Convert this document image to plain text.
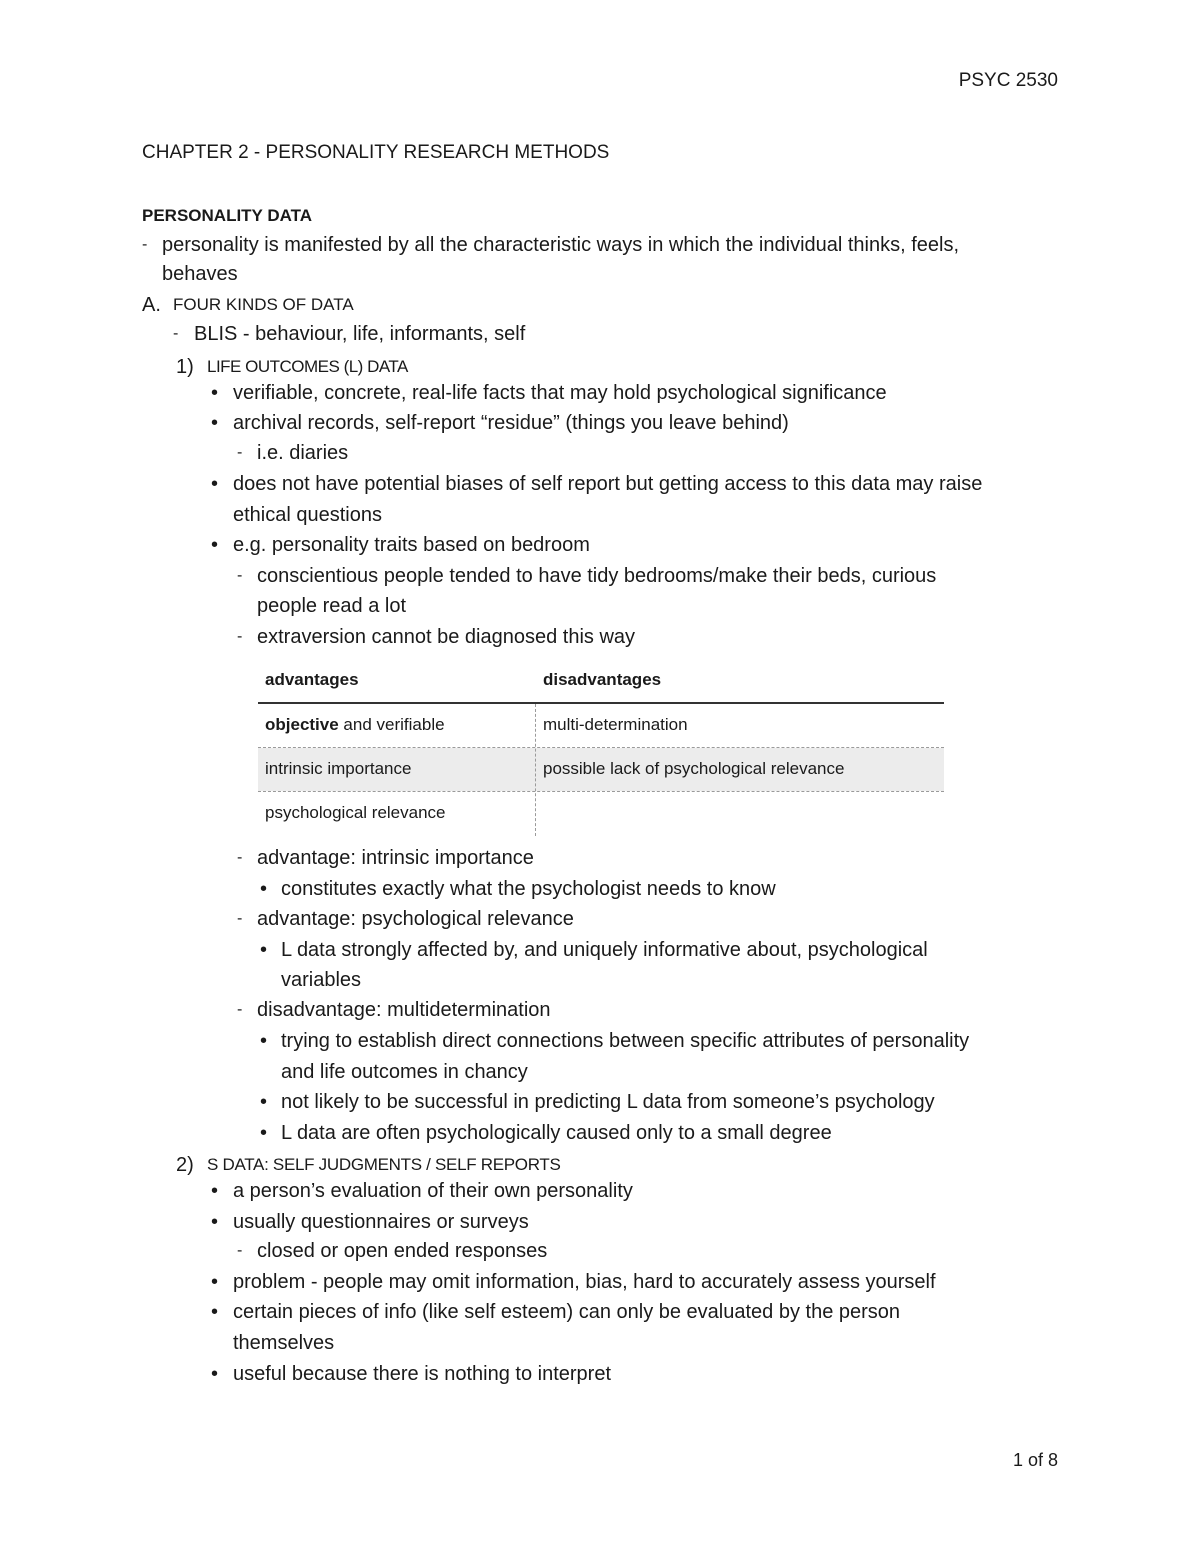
PSYC 2530
CHAPTER 2 - PERSONALITY RESEARCH METHODS
PERSONALITY DATA
- personality is manifested by all the characteristic ways in which the individual thinks, feels,
behaves
A. FOUR KINDS OF DATA
- BLIS - behaviour, life, informants, self
1) LIFE OUTCOMES (L) DATA
• verifiable, concrete, real-life facts that may hold psychological significance
• archival records, self-report “residue” (things you leave behind)
- i.e. diaries
• does not have potential biases of self report but getting access to this data may raise
ethical questions
• e.g. personality traits based on bedroom
- conscientious people tended to have tidy bedrooms/make their beds, curious
people read a lot
- extraversion cannot be diagnosed this way
advantages	disadvantages
objective and verifiable	multi-determination
intrinsic importance	possible lack of psychological relevance
psychological relevance
- advantage: intrinsic importance
• constitutes exactly what the psychologist needs to know
- advantage: psychological relevance
• L data strongly affected by, and uniquely informative about, psychological
variables
- disadvantage: multidetermination
• trying to establish direct connections between specific attributes of personality
and life outcomes in chancy
• not likely to be successful in predicting L data from someone’s psychology
• L data are often psychologically caused only to a small degree
2) S DATA: SELF JUDGMENTS / SELF REPORTS
• a person’s evaluation of their own personality
• usually questionnaires or surveys
- closed or open ended responses
• problem - people may omit information, bias, hard to accurately assess yourself
• certain pieces of info (like self esteem) can only be evaluated by the person
themselves
• useful because there is nothing to interpret
1 of 8
